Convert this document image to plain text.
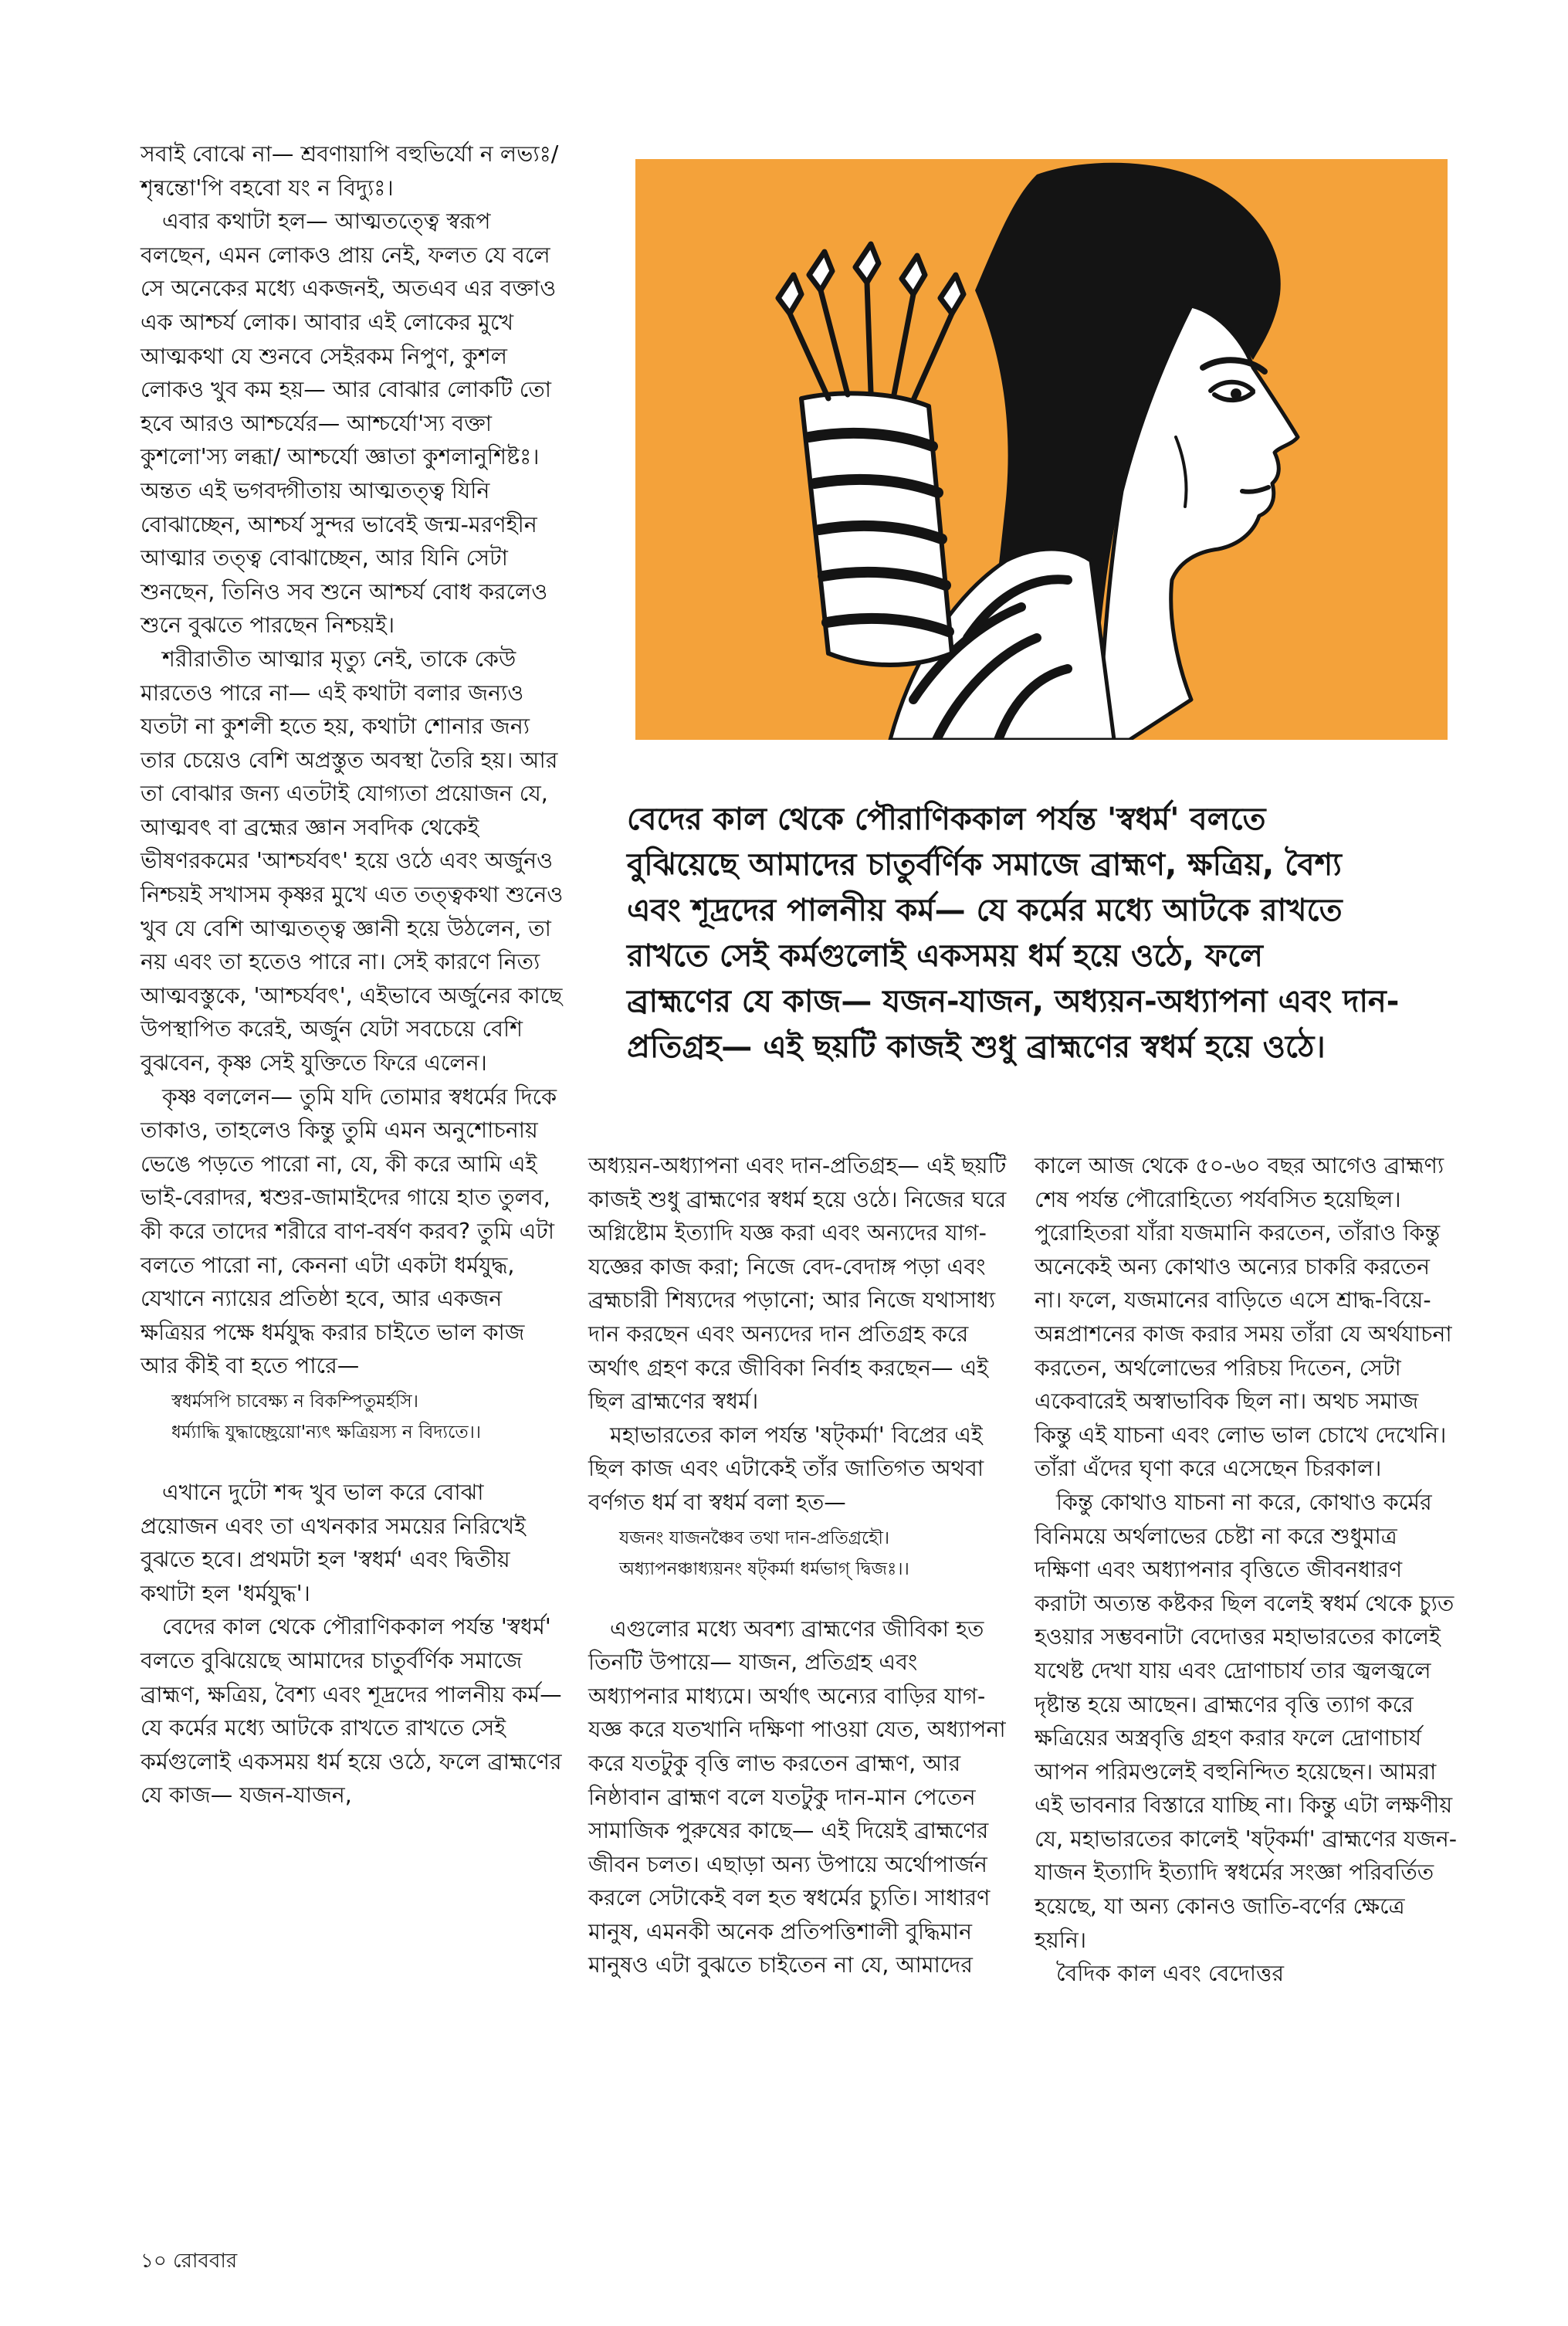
বেদের কাল থেকে পৌরাণিককাল পর্যন্ত 'স্বধর্ম' বলতে
বুঝিয়েছে আমাদের চাতুর্বর্ণিক সমাজে ব্রাহ্মণ, ক্ষত্রিয়, বৈশ্য
এবং শূদ্রদের পালনীয় কর্ম— যে কর্মের মধ্যে আটকে রাখতে
রাখতে সেই কর্মগুলোই একসময় ধর্ম হয়ে ওঠে, ফলে
ব্রাহ্মণের যে কাজ— যজন-যাজন, অধ্যয়ন-অধ্যাপনা এবং দান-
প্রতিগ্রহ— এই ছয়টি কাজই শুধু ব্রাহ্মণের স্বধর্ম হয়ে ওঠে।

সবাই বোঝে না— শ্রবণায়াপি বহুভির্যো ন লভ্যঃ/ শৃন্বন্তো'পি বহবো যং ন বিদ্যুঃ।

এবার কথাটা হল— আত্মতত্ত্বে স্বরূপ বলছেন, এমন লোকও প্রায় নেই, ফলত যে বলে সে অনেকের মধ্যে একজনই, অতএব এর বক্তাও এক আশ্চর্য লোক। আবার এই লোকের মুখে আত্মকথা যে শুনবে সেইরকম নিপুণ, কুশল লোকও খুব কম হয়— আর বোঝার লোকটি তো হবে আরও আশ্চর্যের— আশ্চর্যো'স্য বক্তা কুশলো'স্য লব্ধা/ আশ্চর্যো জ্ঞাতা কুশলানুশিষ্টঃ। অন্তত এই ভগবদ্গীতায় আত্মতত্ত্ব যিনি বোঝাচ্ছেন, আশ্চর্য সুন্দর ভাবেই জন্ম-মরণহীন আত্মার তত্ত্ব বোঝাচ্ছেন, আর যিনি সেটা শুনছেন, তিনিও সব শুনে আশ্চর্য বোধ করলেও শুনে বুঝতে পারছেন নিশ্চয়ই।

শরীরাতীত আত্মার মৃত্যু নেই, তাকে কেউ মারতেও পারে না— এই কথাটা বলার জন্যও যতটা না কুশলী হতে হয়, কথাটা শোনার জন্য তার চেয়েও বেশি অপ্রস্তুত অবস্থা তৈরি হয়। আর তা বোঝার জন্য এতটাই যোগ্যতা প্রয়োজন যে, আত্মবৎ বা ব্রহ্মের জ্ঞান সবদিক থেকেই ভীষণরকমের 'আশ্চর্যবৎ' হয়ে ওঠে এবং অর্জুনও নিশ্চয়ই সখাসম কৃষ্ণর মুখে এত তত্ত্বকথা শুনেও খুব যে বেশি আত্মতত্ত্ব জ্ঞানী হয়ে উঠলেন, তা নয় এবং তা হতেও পারে না। সেই কারণে নিত্য আত্মবস্তুকে, 'আশ্চর্যবৎ', এইভাবে অর্জুনের কাছে উপস্থাপিত করেই, অর্জুন যেটা সবচেয়ে বেশি বুঝবেন, কৃষ্ণ সেই যুক্তিতে ফিরে এলেন।

কৃষ্ণ বললেন— তুমি যদি তোমার স্বধর্মের দিকে তাকাও, তাহলেও কিন্তু তুমি এমন অনুশোচনায় ভেঙে পড়তে পারো না, যে, কী করে আমি এই ভাই-বেরাদর, শ্বশুর-জামাইদের গায়ে হাত তুলব, কী করে তাদের শরীরে বাণ-বর্ষণ করব? তুমি এটা বলতে পারো না, কেননা এটা একটা ধর্মযুদ্ধ, যেখানে ন্যায়ের প্রতিষ্ঠা হবে, আর একজন ক্ষত্রিয়র পক্ষে ধর্মযুদ্ধ করার চাইতে ভাল কাজ আর কীই বা হতে পারে—

স্বধর্মসপি চাবেক্ষ্য ন বিকম্পিতুমর্হসি।
ধর্ম্যাদ্ধি যুদ্ধাচ্ছ্রেয়ো'ন্যৎ ক্ষত্রিয়স্য ন বিদ্যতে।।

এখানে দুটো শব্দ খুব ভাল করে বোঝা প্রয়োজন এবং তা এখনকার সময়ের নিরিখেই বুঝতে হবে। প্রথমটা হল 'স্বধর্ম' এবং দ্বিতীয় কথাটা হল 'ধর্মযুদ্ধ'।

বেদের কাল থেকে পৌরাণিককাল পর্যন্ত 'স্বধর্ম' বলতে বুঝিয়েছে আমাদের চাতুর্বর্ণিক সমাজে ব্রাহ্মণ, ক্ষত্রিয়, বৈশ্য এবং শূদ্রদের পালনীয় কর্ম— যে কর্মের মধ্যে আটকে রাখতে রাখতে সেই কর্মগুলোই একসময় ধর্ম হয়ে ওঠে, ফলে ব্রাহ্মণের যে কাজ— যজন-যাজন,

অধ্যয়ন-অধ্যাপনা এবং দান-প্রতিগ্রহ— এই ছয়টি কাজই শুধু ব্রাহ্মণের স্বধর্ম হয়ে ওঠে। নিজের ঘরে অগ্নিষ্টোম ইত্যাদি যজ্ঞ করা এবং অন্যদের যাগ-যজ্ঞের কাজ করা; নিজে বেদ-বেদাঙ্গ পড়া এবং ব্রহ্মচারী শিষ্যদের পড়ানো; আর নিজে যথাসাধ্য দান করছেন এবং অন্যদের দান প্রতিগ্রহ করে অর্থাৎ গ্রহণ করে জীবিকা নির্বাহ করছেন— এই ছিল ব্রাহ্মণের স্বধর্ম।

মহাভারতের কাল পর্যন্ত 'ষট্‌কর্মা' বিপ্রের এই ছিল কাজ এবং এটাকেই তাঁর জাতিগত অথবা বর্ণগত ধর্ম বা স্বধর্ম বলা হত—

যজনং যাজনঞ্চৈব তথা দান-প্রতিগ্রহৌ।
অধ্যাপনঞ্চাধ্যয়নং ষট্‌কর্মা ধর্মভাগ্‌ দ্বিজঃ।।

এগুলোর মধ্যে অবশ্য ব্রাহ্মণের জীবিকা হত তিনটি উপায়ে— যাজন, প্রতিগ্রহ এবং অধ্যাপনার মাধ্যমে। অর্থাৎ অন্যের বাড়ির যাগ-যজ্ঞ করে যতখানি দক্ষিণা পাওয়া যেত, অধ্যাপনা করে যতটুকু বৃত্তি লাভ করতেন ব্রাহ্মণ, আর নিষ্ঠাবান ব্রাহ্মণ বলে যতটুকু দান-মান পেতেন সামাজিক পুরুষের কাছে— এই দিয়েই ব্রাহ্মণের জীবন চলত। এছাড়া অন্য উপায়ে অর্থোপার্জন করলে সেটাকেই বল হত স্বধর্মের চ্যুতি। সাধারণ মানুষ, এমনকী অনেক প্রতিপত্তিশালী বুদ্ধিমান মানুষও এটা বুঝতে চাইতেন না যে, আমাদের

কালে আজ থেকে ৫০-৬০ বছর আগেও ব্রাহ্মণ্য শেষ পর্যন্ত পৌরোহিত্যে পর্যবসিত হয়েছিল। পুরোহিতরা যাঁরা যজমানি করতেন, তাঁরাও কিন্তু অনেকেই অন্য কোথাও অন্যের চাকরি করতেন না। ফলে, যজমানের বাড়িতে এসে শ্রাদ্ধ-বিয়ে-অন্নপ্রাশনের কাজ করার সময় তাঁরা যে অর্থযাচনা করতেন, অর্থলোভের পরিচয় দিতেন, সেটা একেবারেই অস্বাভাবিক ছিল না। অথচ সমাজ কিন্তু এই যাচনা এবং লোভ ভাল চোখে দেখেনি। তাঁরা এঁদের ঘৃণা করে এসেছেন চিরকাল।

কিন্তু কোথাও যাচনা না করে, কোথাও কর্মের বিনিময়ে অর্থলাভের চেষ্টা না করে শুধুমাত্র দক্ষিণা এবং অধ্যাপনার বৃত্তিতে জীবনধারণ করাটা অত্যন্ত কষ্টকর ছিল বলেই স্বধর্ম থেকে চ্যুত হওয়ার সম্ভবনাটা বেদোত্তর মহাভারতের কালেই যথেষ্ট দেখা যায় এবং দ্রোণাচার্য তার জ্বলজ্বলে দৃষ্টান্ত হয়ে আছেন। ব্রাহ্মণের বৃত্তি ত্যাগ করে ক্ষত্রিয়ের অস্ত্রবৃত্তি গ্রহণ করার ফলে দ্রোণাচার্য আপন পরিমণ্ডলেই বহুনিন্দিত হয়েছেন। আমরা এই ভাবনার বিস্তারে যাচ্ছি না। কিন্তু এটা লক্ষণীয় যে, মহাভারতের কালেই 'ষট্‌কর্মা' ব্রাহ্মণের যজন-যাজন ইত্যাদি ইত্যাদি স্বধর্মের সংজ্ঞা পরিবর্তিত হয়েছে, যা অন্য কোনও জাতি-বর্ণের ক্ষেত্রে হয়নি।

বৈদিক কাল এবং বেদোত্তর

১০ রোববার
